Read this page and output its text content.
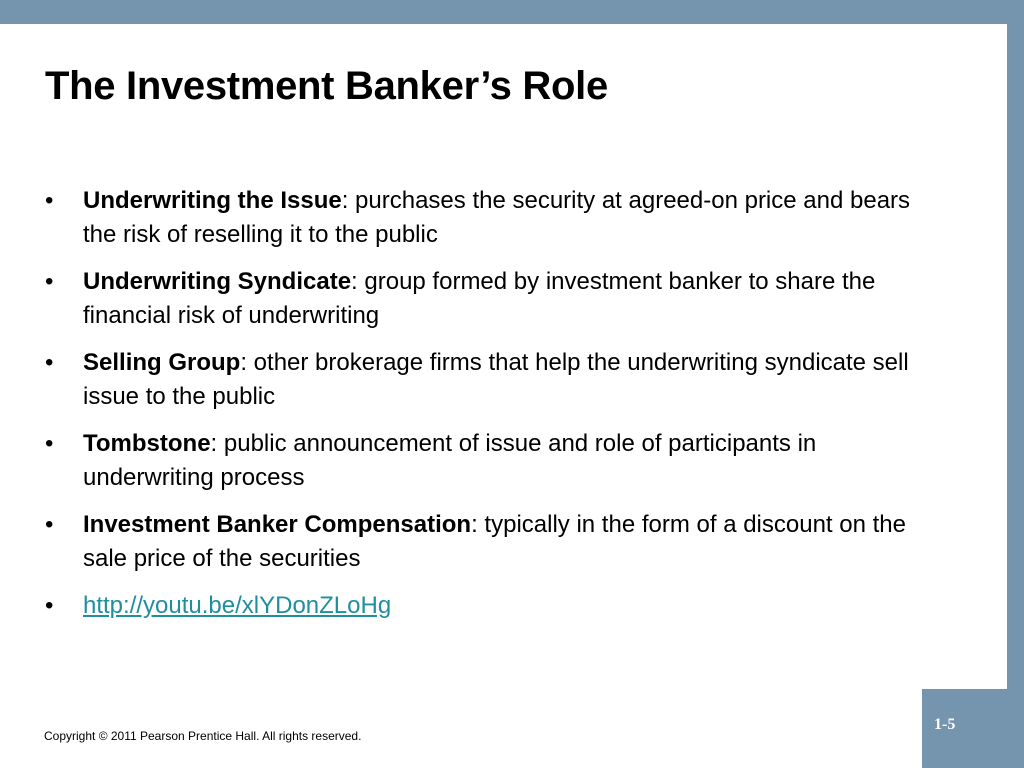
1-5
The Investment Banker’s Role
• Underwriting the Issue: purchases the security at agreed-on price and bears the risk of reselling it to the public
• Underwriting Syndicate: group formed by investment banker to share the financial risk of underwriting
• Selling Group: other brokerage firms that help the underwriting syndicate sell issue to the public
• Tombstone: public announcement of issue and role of participants in underwriting process
• Investment Banker Compensation: typically in the form of a discount on the sale price of the securities
• http://youtu.be/xlYDonZLoHg
Copyright © 2011 Pearson Prentice Hall. All rights reserved.
